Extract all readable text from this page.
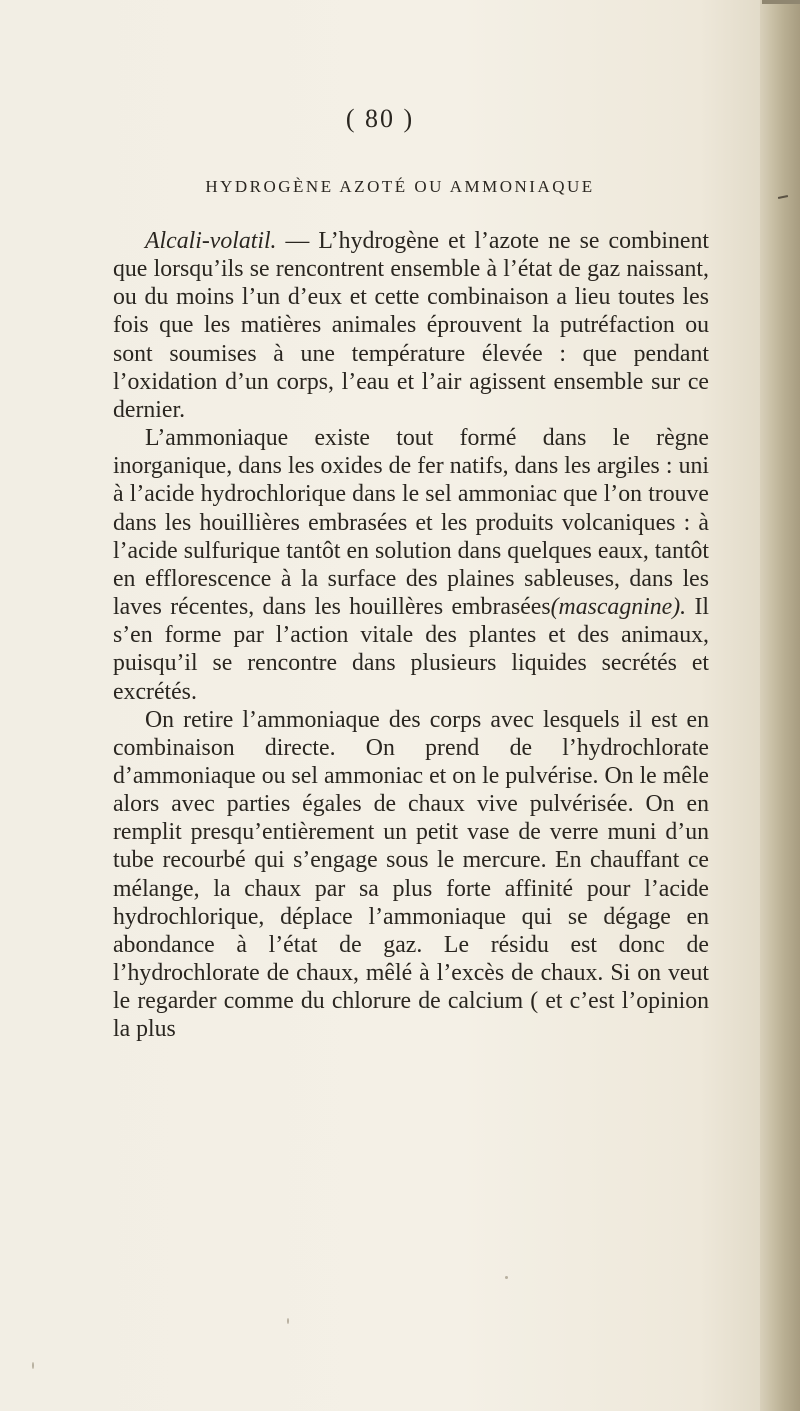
( 80 )
HYDROGÈNE AZOTÉ OU AMMONIAQUE

Alcali-volatil. — L’hydrogène et l’azote ne se combinent que lorsqu’ils se rencontrent ensemble à l’état de gaz naissant, ou du moins l’un d’eux et cette combinaison a lieu toutes les fois que les matières animales éprouvent la putréfaction ou sont soumises à une température élevée : que pendant l’oxidation d’un corps, l’eau et l’air agissent ensemble sur ce dernier.

L’ammoniaque existe tout formé dans le règne inorganique, dans les oxides de fer natifs, dans les argiles : uni à l’acide hydrochlorique dans le sel ammoniac que l’on trouve dans les houillières embrasées et les produits volcaniques : à l’acide sulfurique tantôt en solution dans quelques eaux, tantôt en efflorescence à la surface des plaines sableuses, dans les laves récentes, dans les houillères embrasées(mascagnine). Il s’en forme par l’action vitale des plantes et des animaux, puisqu’il se rencontre dans plusieurs liquides secrétés et excrétés.

On retire l’ammoniaque des corps avec lesquels il est en combinaison directe. On prend de l’hydrochlorate d’ammoniaque ou sel ammoniac et on le pulvérise. On le mêle alors avec parties égales de chaux vive pulvérisée. On en remplit presqu’entièrement un petit vase de verre muni d’un tube recourbé qui s’engage sous le mercure. En chauffant ce mélange, la chaux par sa plus forte affinité pour l’acide hydrochlorique, déplace l’ammoniaque qui se dégage en abondance à l’état de gaz. Le résidu est donc de l’hydrochlorate de chaux, mêlé à l’excès de chaux. Si on veut le regarder comme du chlorure de calcium ( et c’est l’opinion la plus
